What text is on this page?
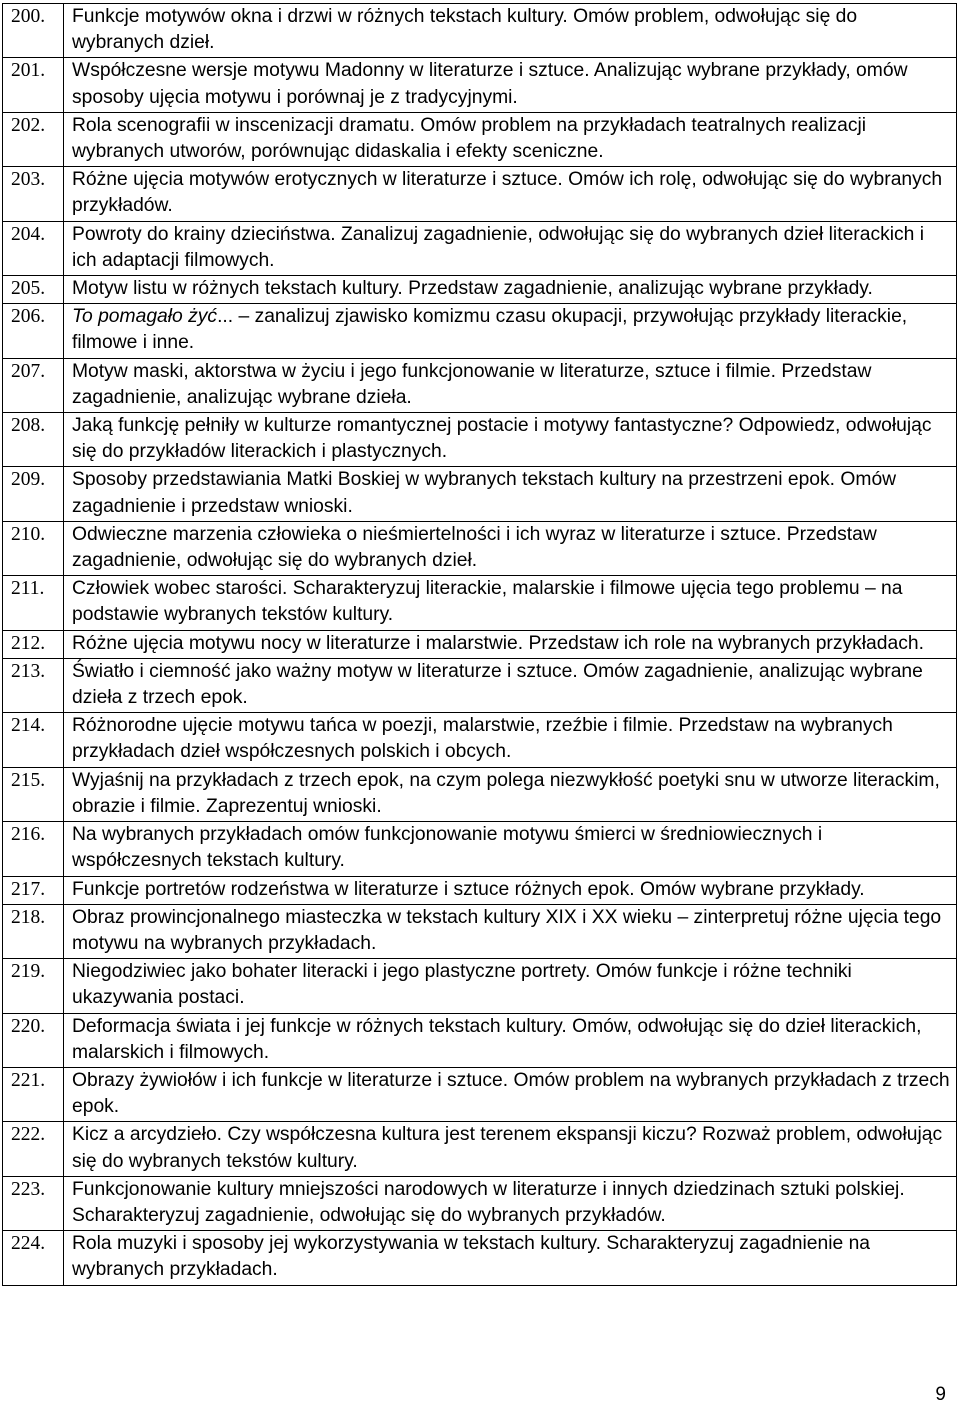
200.	Funkcje motywów okna i drzwi w różnych tekstach kultury. Omów problem, odwołując się do wybranych dzieł.
201.	Współczesne wersje motywu Madonny w literaturze i sztuce. Analizując wybrane przykłady, omów sposoby ujęcia motywu i porównaj je z tradycyjnymi.
202.	Rola scenografii w inscenizacji dramatu. Omów problem na przykładach teatralnych realizacji wybranych utworów, porównując didaskalia i efekty sceniczne.
203.	Różne ujęcia motywów erotycznych w literaturze i sztuce. Omów ich rolę, odwołując się do wybranych przykładów.
204.	Powroty do krainy dzieciństwa. Zanalizuj zagadnienie, odwołując się do wybranych dzieł literackich i ich adaptacji filmowych.
205.	Motyw listu w różnych tekstach kultury. Przedstaw zagadnienie, analizując wybrane przykłady.
206.	To pomagało żyć... – zanalizuj zjawisko komizmu czasu okupacji, przywołując przykłady literackie, filmowe i inne.
207.	Motyw maski, aktorstwa w życiu i jego funkcjonowanie w literaturze, sztuce i filmie. Przedstaw zagadnienie, analizując wybrane dzieła.
208.	Jaką funkcję pełniły w kulturze romantycznej postacie i motywy fantastyczne? Odpowiedz, odwołując się do przykładów literackich i plastycznych.
209.	Sposoby przedstawiania Matki Boskiej w wybranych tekstach kultury na przestrzeni epok. Omów zagadnienie i przedstaw wnioski.
210.	Odwieczne marzenia człowieka o nieśmiertelności i ich wyraz w literaturze i sztuce. Przedstaw zagadnienie, odwołując się do wybranych dzieł.
211.	Człowiek wobec starości. Scharakteryzuj literackie, malarskie i filmowe ujęcia tego problemu – na podstawie wybranych tekstów kultury.
212.	Różne ujęcia motywu nocy w literaturze i malarstwie. Przedstaw ich role na wybranych przykładach.
213.	Światło i ciemność jako ważny motyw w literaturze i sztuce. Omów zagadnienie, analizując wybrane dzieła z trzech epok.
214.	Różnorodne ujęcie motywu tańca w poezji, malarstwie, rzeźbie i filmie. Przedstaw na wybranych przykładach dzieł współczesnych polskich i obcych.
215.	Wyjaśnij na przykładach z trzech epok, na czym polega niezwykłość poetyki snu w utworze literackim, obrazie i filmie. Zaprezentuj wnioski.
216.	Na wybranych przykładach omów funkcjonowanie motywu śmierci w średniowiecznych i współczesnych tekstach kultury.
217.	Funkcje portretów rodzeństwa w literaturze i sztuce różnych epok. Omów wybrane przykłady.
218.	Obraz prowincjonalnego miasteczka w tekstach kultury XIX i XX wieku – zinterpretuj różne ujęcia tego motywu na wybranych przykładach.
219.	Niegodziwiec jako bohater literacki i jego plastyczne portrety. Omów funkcje i różne techniki ukazywania postaci.
220.	Deformacja świata i jej funkcje w różnych tekstach kultury. Omów, odwołując się do dzieł literackich, malarskich i filmowych.
221.	Obrazy żywiołów i ich funkcje w literaturze i sztuce. Omów problem na wybranych przykładach z trzech epok.
222.	Kicz a arcydzieło. Czy współczesna kultura jest terenem ekspansji kiczu? Rozważ problem, odwołując się do wybranych tekstów kultury.
223.	Funkcjonowanie kultury mniejszości narodowych w literaturze i innych dziedzinach sztuki polskiej. Scharakteryzuj zagadnienie, odwołując się do wybranych przykładów.
224.	Rola muzyki i sposoby jej wykorzystywania w tekstach kultury. Scharakteryzuj zagadnienie na wybranych przykładach.
9
